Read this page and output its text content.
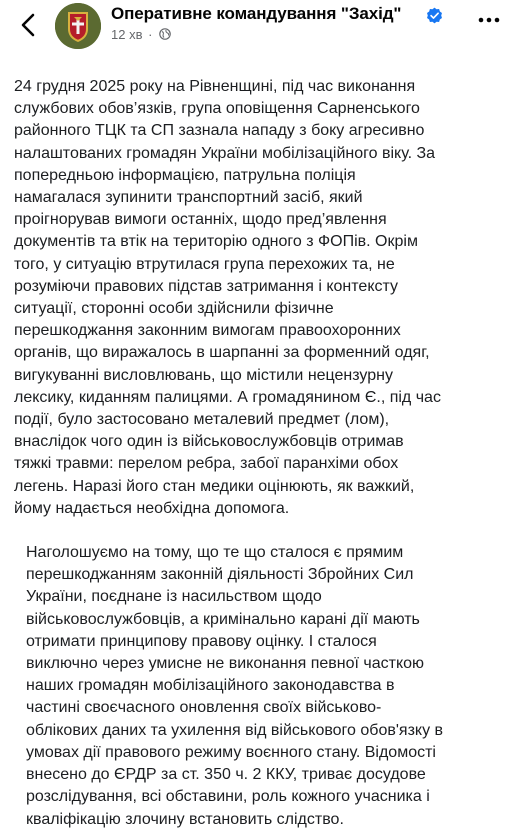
Оперативне командування "Захід"
12 хв ·

24 грудня 2025 року на Рівненщині, під час виконання
службових обов’язків, група оповіщення Сарненського
районного ТЦК та СП зазнала нападу з боку агресивно
налаштованих громадян України мобілізаційного віку. За
попередньою інформацією, патрульна поліція
намагалася зупинити транспортний засіб, який
проігнорував вимоги останніх, щодо пред’явлення
документів та втік на територію одного з ФОПів. Окрім
того, у ситуацію втрутилася група перехожих та, не
розуміючи правових підстав затримання і контексту
ситуації, сторонні особи здійснили фізичне
перешкоджання законним вимогам правоохоронних
органів, що виражалось в шарпанні за форменний одяг,
вигукуванні висловлювань, що містили нецензурну
лексику, киданням палицями. А громадянином Є., під час
події, було застосовано металевий предмет (лом),
внаслідок чого один із військовослужбовців отримав
тяжкі травми: перелом ребра, забої паранхіми обох
легень. Наразі його стан медики оцінюють, як важкий,
йому надається необхідна допомога.

Наголошуємо на тому, що те що сталося є прямим
перешкоджанням законній діяльності Збройних Сил
України, поєднане із насильством щодо
військовослужбовців, а кримінально карані дії мають
отримати принципову правову оцінку. І сталося
виключно через умисне не виконання певної часткою
наших громадян мобілізаційного законодавства в
частині своєчасного оновлення своїх військово-
облікових даних та ухилення від військового обов'язку в
умовах дії правового режиму воєнного стану. Відомості
внесено до ЄРДР за ст. 350 ч. 2 ККУ, триває досудове
розслідування, всі обставини, роль кожного учасника і
кваліфікацію злочину встановить слідство.
